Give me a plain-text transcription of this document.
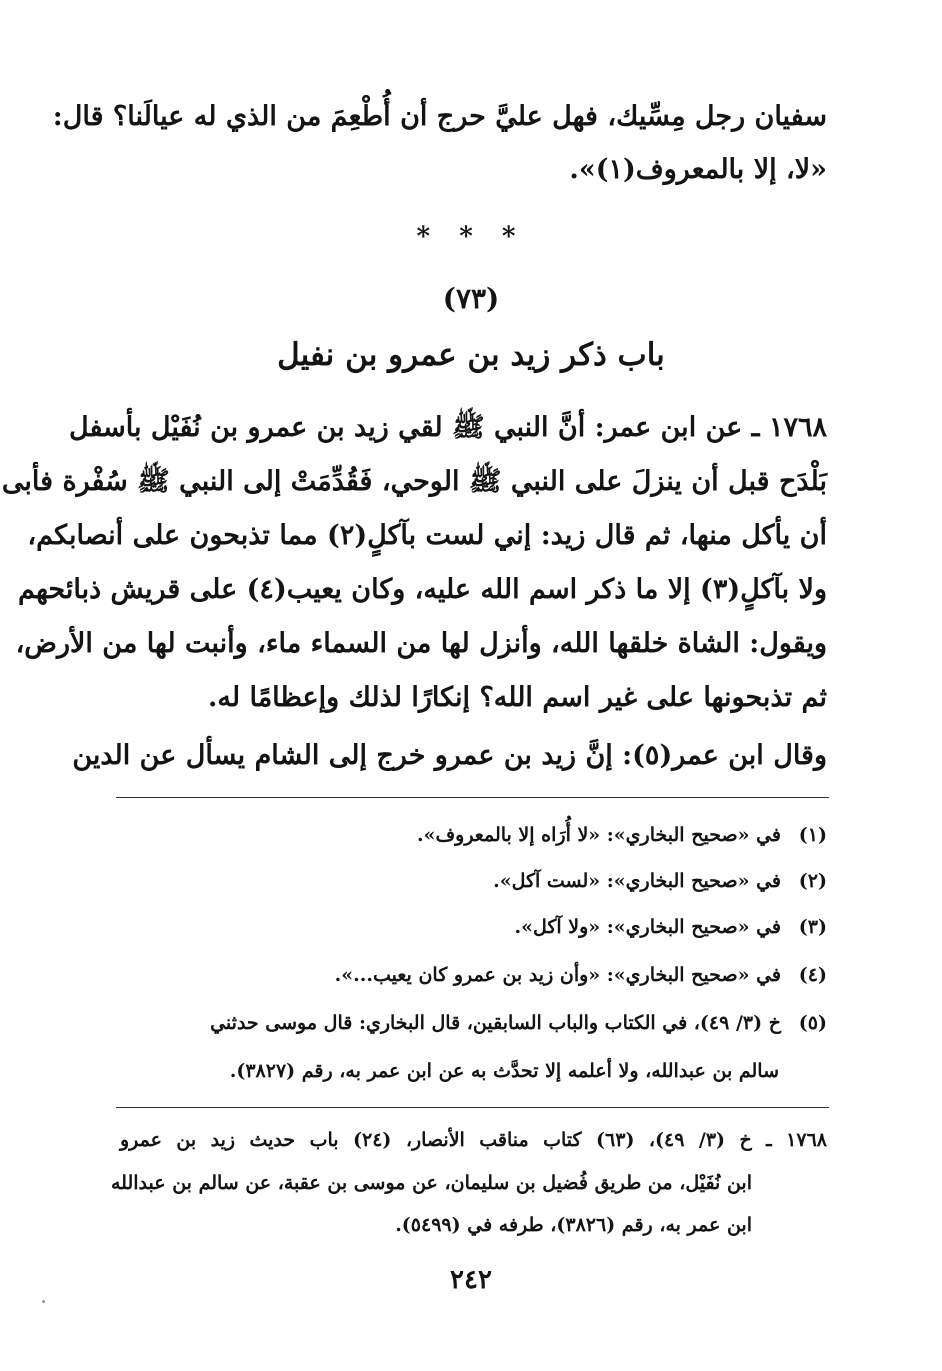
سفيان رجل مِسِّيك، فهل عليَّ حرج أن أُطْعِمَ من الذي له عيالَنا؟ قال:
«لا، إلا بالمعروف(١)».
* * *
(٧٣)
باب ذكر زيد بن عمرو بن نفيل
١٧٦٨ ـ عن ابن عمر: أنَّ النبي ﷺ لقي زيد بن عمرو بن نُفَيْل بأسفل
بَلْدَح قبل أن ينزلَ على النبي ﷺ الوحي، فَقُدِّمَتْ إلى النبي ﷺ سُفْرة فأبى
أن يأكل منها، ثم قال زيد: إني لست بآكلٍ(٢) مما تذبحون على أنصابكم،
ولا بآكلٍ(٣) إلا ما ذكر اسم الله عليه، وكان يعيب(٤) على قريش ذبائحهم
ويقول: الشاة خلقها الله، وأنزل لها من السماء ماء، وأنبت لها من الأرض،
ثم تذبحونها على غير اسم الله؟ إنكارًا لذلك وإعظامًا له.
وقال ابن عمر(٥): إنَّ زيد بن عمرو خرج إلى الشام يسأل عن الدين
(١)في «صحيح البخاري»: «لا أُرَاه إلا بالمعروف».
(٢)في «صحيح البخاري»: «لست آكل».
(٣)في «صحيح البخاري»: «ولا آكل».
(٤)في «صحيح البخاري»: «وأن زيد بن عمرو كان يعيب...».
(٥)خ (٣/ ٤٩)، في الكتاب والباب السابقين، قال البخاري: قال موسى حدثني
سالم بن عبدالله، ولا أعلمه إلا تحدَّث به عن ابن عمر به، رقم (٣٨٢٧).
١٧٦٨ ـ خ (٣/ ٤٩)، (٦٣) كتاب مناقب الأنصار، (٢٤) باب حديث زيد بن عمرو
ابن نُفَيْل، من طريق فُضيل بن سليمان، عن موسى بن عقبة، عن سالم بن عبدالله
ابن عمر به، رقم (٣٨٢٦)، طرفه في (٥٤٩٩).
٢٤٢
